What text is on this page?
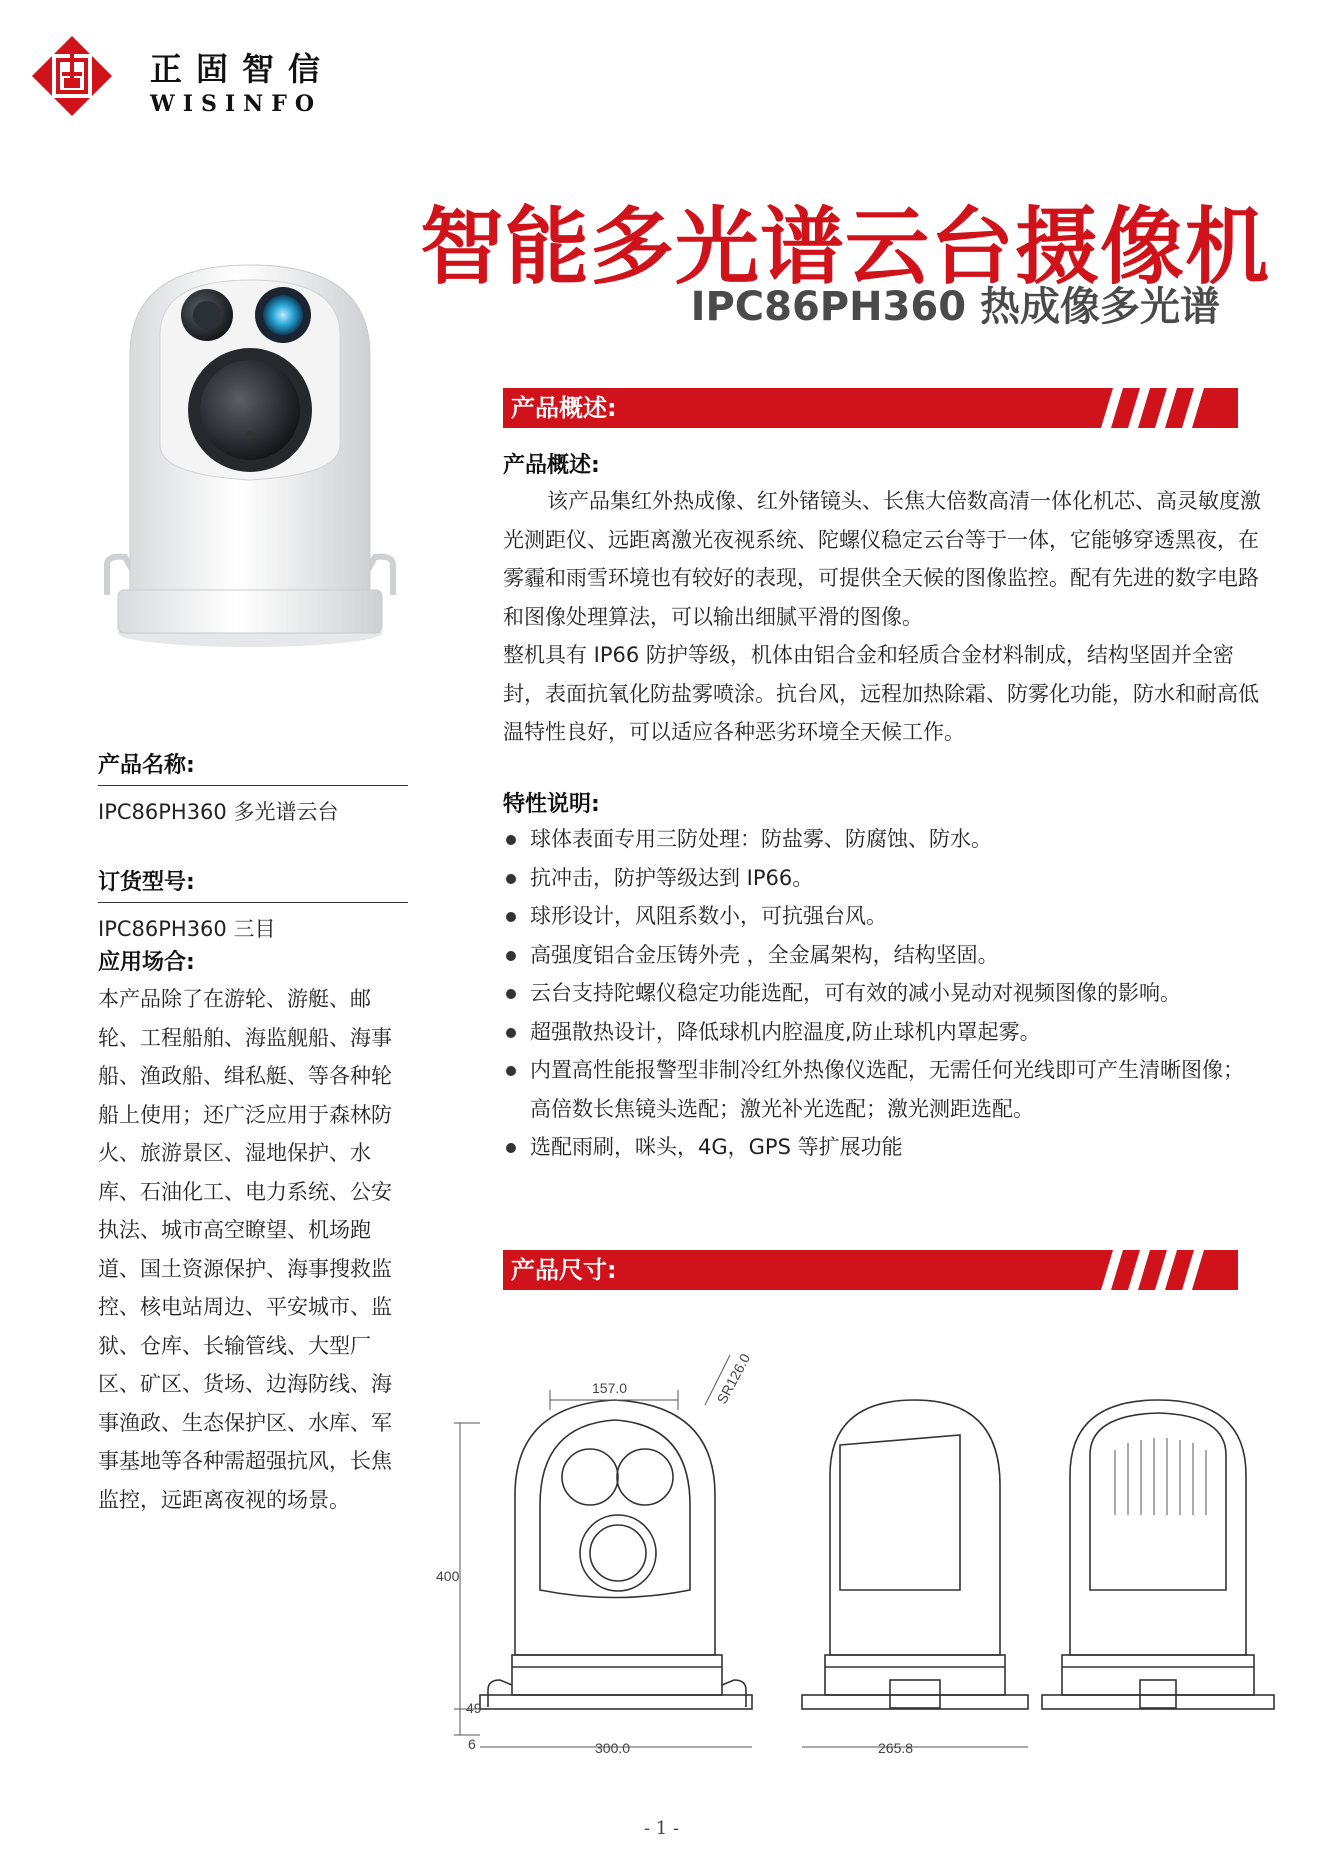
正固智信
WISINFO
智能多光谱云台摄像机
IPC86PH360 热成像多光谱
产品概述:
产品概述:

该产品集红外热成像、红外锗镜头、长焦大倍数高清一体化机芯、高灵敏度激光测距仪、远距离激光夜视系统、陀螺仪稳定云台等于一体，它能够穿透黑夜，在雾霾和雨雪环境也有较好的表现，可提供全天候的图像监控。配有先进的数字电路和图像处理算法，可以输出细腻平滑的图像。

整机具有 IP66 防护等级，机体由铝合金和轻质合金材料制成，结构坚固并全密封，表面抗氧化防盐雾喷涂。抗台风，远程加热除霜、防雾化功能，防水和耐高低温特性良好，可以适应各种恶劣环境全天候工作。

特性说明:
球体表面专用三防处理：防盐雾、防腐蚀、防水。
抗冲击，防护等级达到 IP66。
球形设计，风阻系数小，可抗强台风。
高强度铝合金压铸外壳 ，全金属架构，结构坚固。
云台支持陀螺仪稳定功能选配，可有效的减小晃动对视频图像的影响。
超强散热设计，降低球机内腔温度,防止球机内罩起雾。
内置高性能报警型非制冷红外热像仪选配，无需任何光线即可产生清晰图像；高倍数长焦镜头选配；激光补光选配；激光测距选配。
选配雨刷，咪头，4G，GPS 等扩展功能
产品名称:
IPC86PH360 多光谱云台
订货型号:
IPC86PH360 三目
应用场合:
本产品除了在游轮、游艇、邮轮、工程船舶、海监舰船、海事船、渔政船、缉私艇、等各种轮船上使用；还广泛应用于森林防火、旅游景区、湿地保护、水库、石油化工、电力系统、公安执法、城市高空瞭望、机场跑道、国土资源保护、海事搜救监控、核电站周边、平安城市、监狱、仓库、长输管线、大型厂区、矿区、货场、边海防线、海事渔政、生态保护区、水库、军事基地等各种需超强抗风，长焦监控，远距离夜视的场景。
产品尺寸:
157.0	SR126.0
400
49
6	300.0	265.8
- 1 -
